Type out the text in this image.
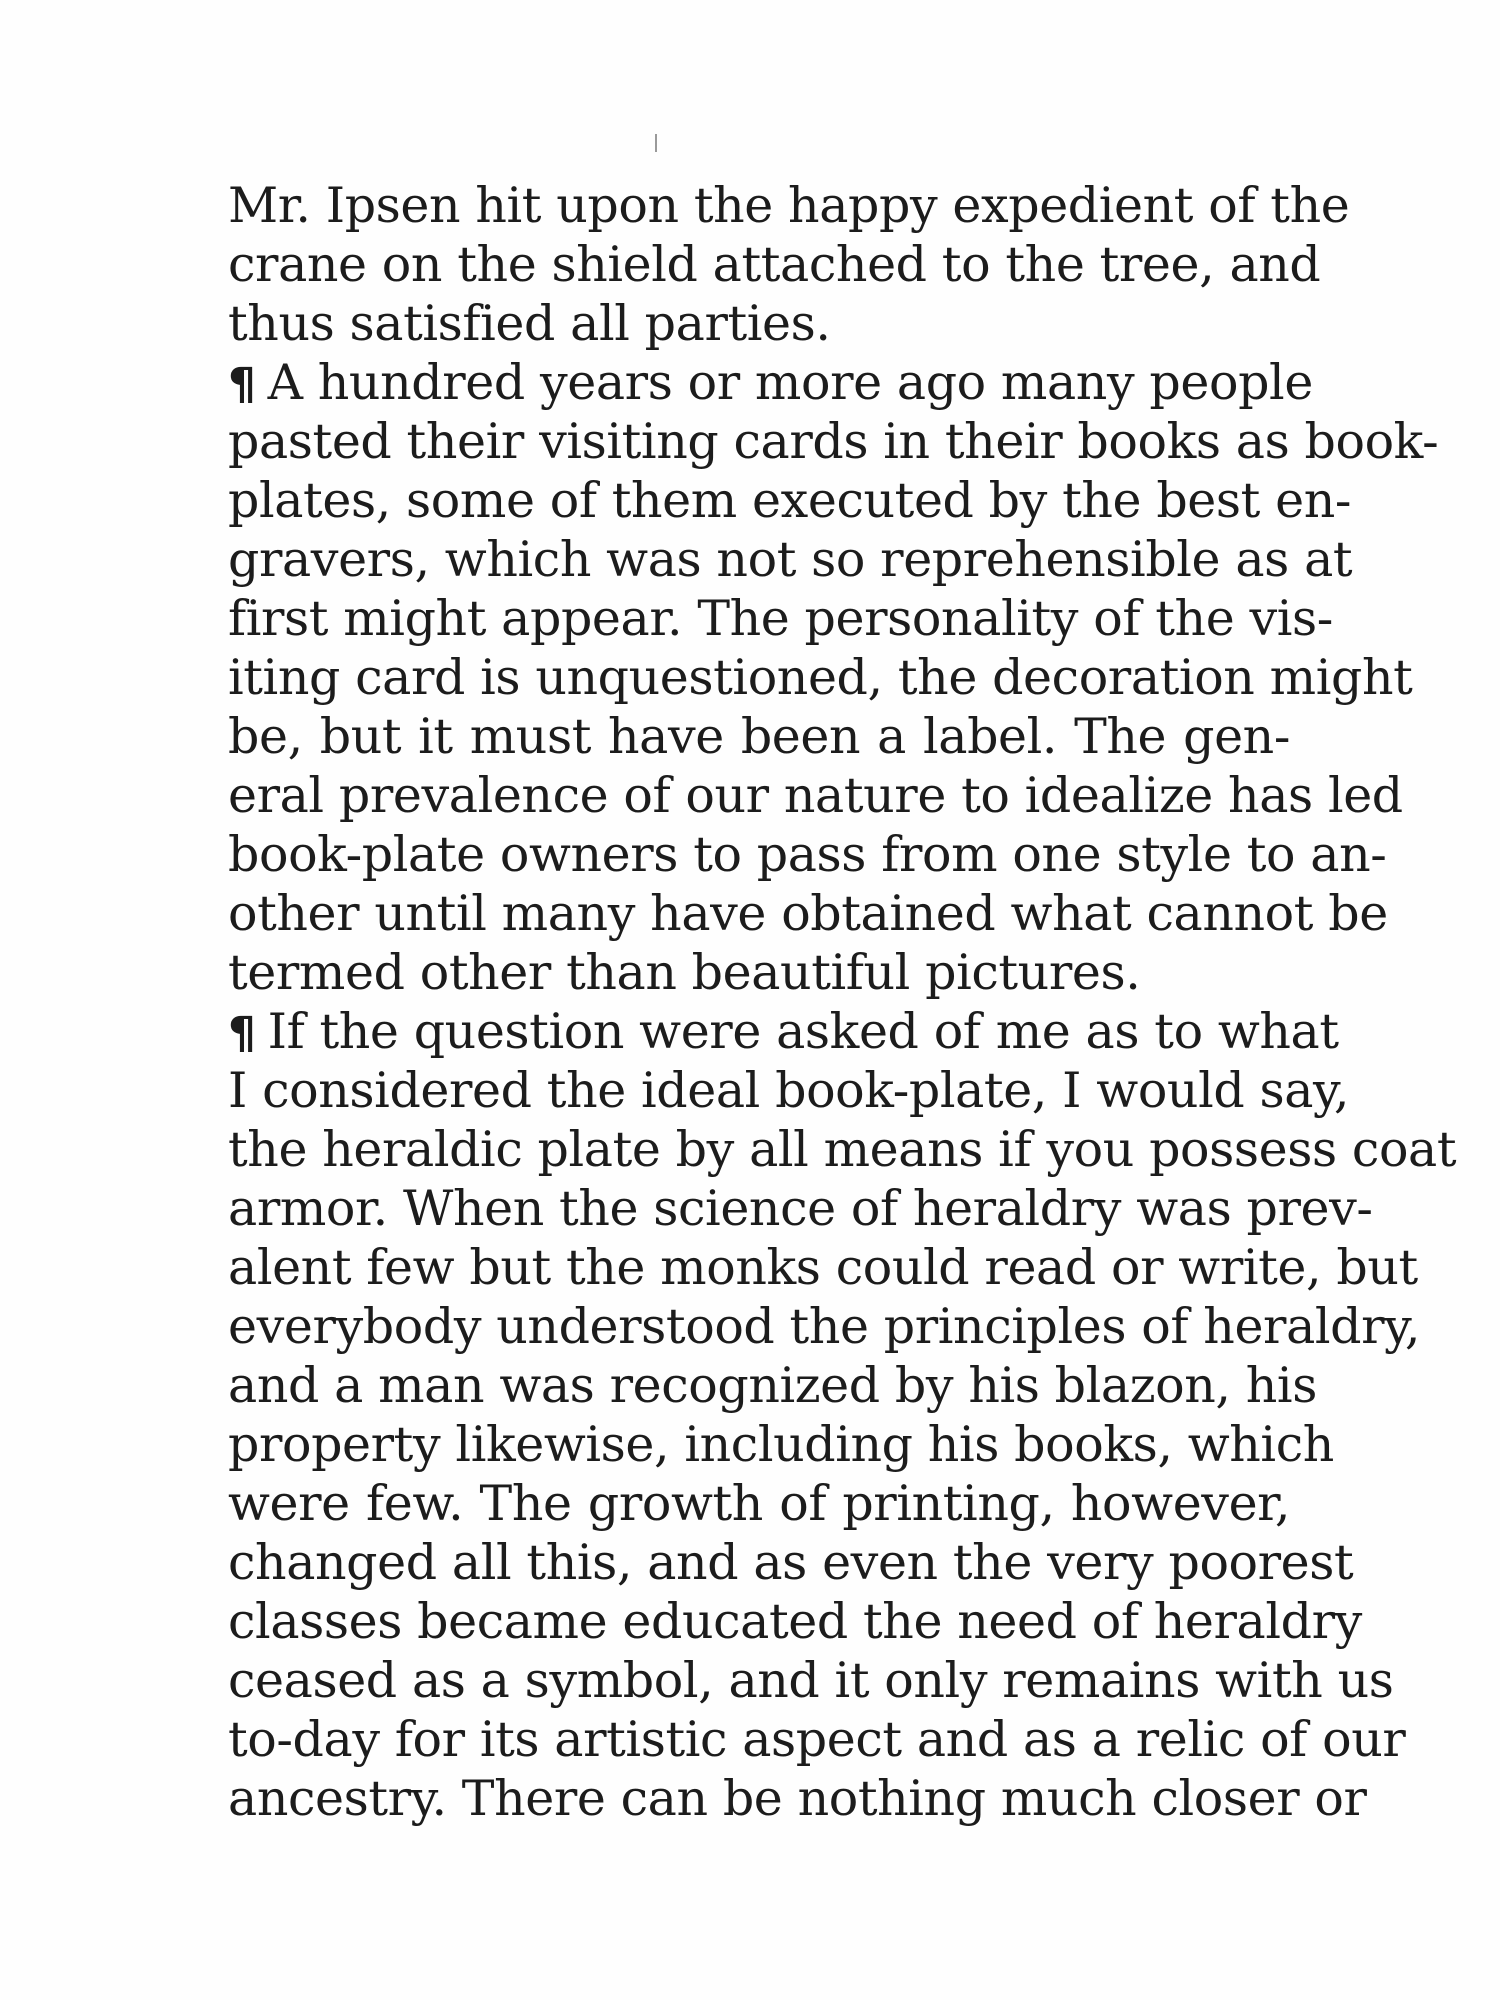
Mr. Ipsen hit upon the happy expedient of the
crane on the shield attached to the tree, and
thus satisfied all parties.
¶ A hundred years or more ago many people
pasted their visiting cards in their books as book-
plates, some of them executed by the best en-
gravers, which was not so reprehensible as at
first might appear. The personality of the vis-
iting card is unquestioned, the decoration might
be, but it must have been a label. The gen-
eral prevalence of our nature to idealize has led
book-plate owners to pass from one style to an-
other until many have obtained what cannot be
termed other than beautiful pictures.
¶ If the question were asked of me as to what
I considered the ideal book-plate, I would say,
the heraldic plate by all means if you possess coat
armor. When the science of heraldry was prev-
alent few but the monks could read or write, but
everybody understood the principles of heraldry,
and a man was recognized by his blazon, his
property likewise, including his books, which
were few. The growth of printing, however,
changed all this, and as even the very poorest
classes became educated the need of heraldry
ceased as a symbol, and it only remains with us
to-day for its artistic aspect and as a relic of our
ancestry. There can be nothing much closer or
